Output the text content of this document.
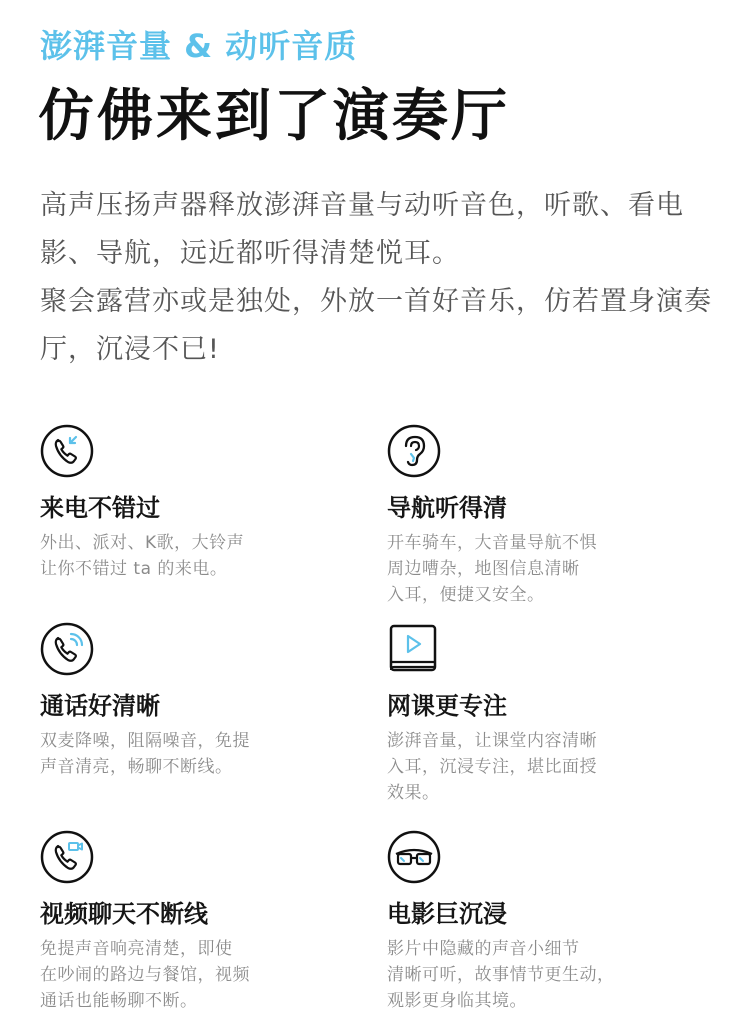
澎湃音量 & 动听音质
仿佛来到了演奏厅

高声压扬声器释放澎湃音量与动听音色，听歌、看电影、导航，远近都听得清楚悦耳。

聚会露营亦或是独处，外放一首好音乐，仿若置身演奏厅，沉浸不已!

来电不错过
外出、派对、K歌，大铃声
让你不错过 ta 的来电。
导航听得清
开车骑车，大音量导航不惧
周边嘈杂，地图信息清晰
入耳，便捷又安全。
通话好清晰
双麦降噪，阻隔噪音，免提
声音清亮，畅聊不断线。
网课更专注
澎湃音量，让课堂内容清晰
入耳，沉浸专注，堪比面授
效果。
视频聊天不断线
免提声音响亮清楚，即使
在吵闹的路边与餐馆，视频
通话也能畅聊不断。
电影巨沉浸
影片中隐藏的声音小细节
清晰可听，故事情节更生动，
观影更身临其境。
